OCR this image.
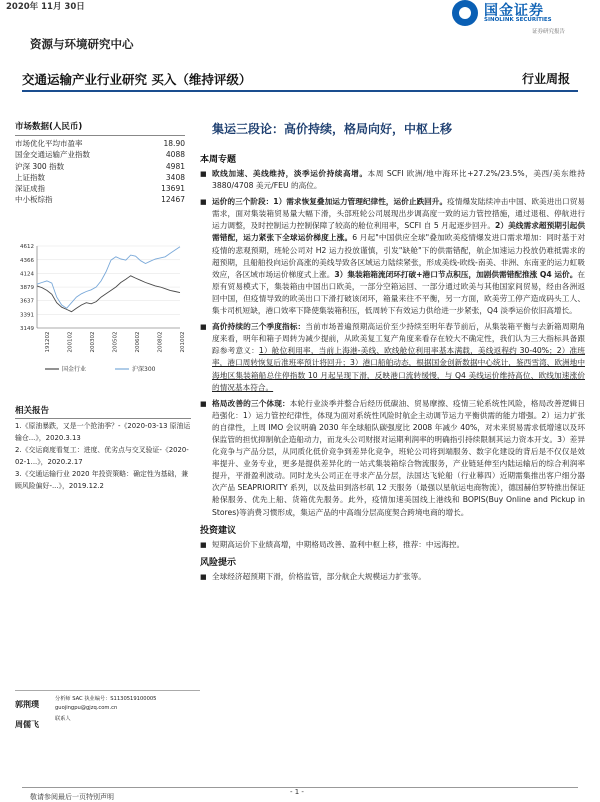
2020年 11月 30日	国金证券
SINOLINK SECURITIES
证券研究报告
资源与环境研究中心
交通运输产业行业研究 买入（维持评级）	行业周报
市场数据(人民币)
市场优化平均市盈率	18.90
国金交通运输产业指数	4088
沪深 300 指数	4981
上证指数	3408
深证成指	13691
中小板综指	12467
4612
4366
4124
3879
3637
3391
3149
191202	200102	200302	200502	200602	200802	201002
国金行业	沪深300
相关报告
1.《原油暴跌，又是一个抢油季？-《2020-03-13 原油运输仓...》，2020.3.13
2.《交运商度看复工：进度、优劣点与交叉验证-《2020-02-1...》，2020.2.17
3.《交通运输行业 2020 年投资策略：确定性为基础，兼顾风险偏好-...》，2019.12.2
郭荆璞
分析师 SAC 执业编号：S1130519100005
guojingpu@gjzq.com.cn
周儒飞
联系人
集运三段论：高价持续，格局向好，中枢上移
本周专题
■ 欧线加速、美线维持，淡季运价持续高增。本周 SCFI 欧洲/地中海环比+27.2%/23.5%，美西/美东维持 3880/4708 美元/FEU 的高位。
■ 运价的三个阶段：1）需求恢复叠加运力管理纪律性，运价止跌回升。疫情爆发陆续冲击中国、欧美进出口贸易需求，面对集装箱贸易量大幅下滑，头部班轮公司展现出步调高度一致的运力管控措施，通过退租、停航进行运力调整，及时控制运力控制保障了较高的舱位利用率，SCFI 自 5 月起逐步回升。2）美线需求超预期引起供需错配，运力紧张下全球运价梯度上涨。6 月起"中国供应全球"叠加欧美疫情爆发进口需求增加：同时基于对疫情的悲观预期，班轮公司对 H2 运力投放谨慎，引发"缺舱"下的供需错配，航企加速运力投放仍难抵需求的超预期，且船舶投向运价高涨的美线导致各区域运力陆续紧张，形成美线-欧线-南美、非洲、东南亚的运力虹吸效应，各区域市场运价梯度式上涨。3）集装箱箱流闭环打破+港口节点积压，加剧供需错配推涨 Q4 运价。在原有贸易模式下，集装箱由中国出口欧美，一部分空箱运回、一部分通过欧美与其他国家间贸易，经由各洲返回中国，但疫情导致的欧美出口下滑打破该闭环，箱量来往不平衡，另一方面，欧美劳工停产造成码头工人、集卡司机短缺，港口效率下降使集装箱积压，低周转下有效运力供给进一步紧张，Q4 淡季运价依旧高增长。
■ 高价持续的三个季度指标：当前市场普遍预期高运价至少持续至明年春节前后，从集装箱平衡与去新箱周期角度来看，明年和箱子周转为减少提前，从欧美复工复产角度来看存在较大不确定性，我们认为三大指标具备跟踪参考意义：1）舱位利用率，当前上海港-美线、欧线舱位利用率基本满载，美线返程约 30-40%；2）准班率，港口周转恢复后准班率预计将回升；3）港口船舶动态，根据国金创新数据中心统计，鉴西雪湾、欧洲地中海地区集装箱船总住停指数 10 月起呈现下滑，反映港口流转缓慢，与 Q4 美线运价维持高位、欧线加速涨价的情况基本符合。
■ 格局改善的三个体现：本轮行业淡季并整合后经历低碳油、贸易摩擦、疫情三轮系统性风险，格局改善逻辑日趋强化：1）运力管控纪律性，体现为面对系统性风险时航企主动调节运力平衡供需的能力增强。2）运力扩张的自律性，上周 IMO 会议明确 2030 年全球船队碳强度比 2008 年减少 40%，对未来贸易需求低增速以及环保监管的担忧抑制航企造船动力，而龙头公司财报对运期利润率的明确指引持续限制其运力资本开支。3）差异化竞争与产品分层，从同质化低价竞争到差异化竞争，班轮公司将到端服务、数字化建设的背后是不仅仅是效率提升、业务专业，更多是提供差异化的一站式集装箱综合物流服务，产业链延伸至内陆运输后的综合利润率提升，平滑盈利波动。同时龙头公司正在寻求产品分层，法国达飞轮船（行业幕四）近期需集推出客户细分器次产品 SEAPRIORITY 系列，以及盐田到洛杉矶 12 天服务（最强以星航运电商物流），德国赫伯罗特推出保证舱保服务、优先上船、货箱优先服务。此外，疫情加速美国线上港线和 BOPIS(Buy Online and Pickup in Stores)等消费习惯形成，集运产品的中高端分层高度契合跨境电商的增长。
投资建议
■ 短期高运价下业绩高增，中期格局改善、盈利中枢上移，推荐：中远海控。
风险提示
■ 全球经济超预期下滑，价格监管，部分航企大规模运力扩张等。
- 1 -
敬请参阅最后一页特别声明
